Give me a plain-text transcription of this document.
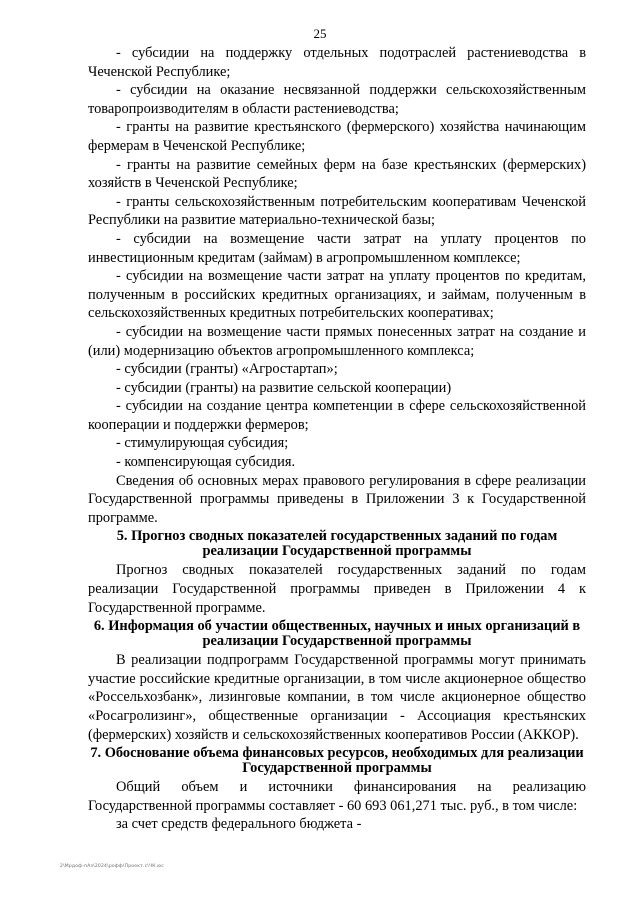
25

- субсидии на поддержку отдельных подотраслей растениеводства в Чеченской Республике;

- субсидии на оказание несвязанной поддержки сельскохозяйственным товаропроизводителям в области растениеводства;

- гранты на развитие крестьянского (фермерского) хозяйства начинающим фермерам в Чеченской Республике;

- гранты на развитие семейных ферм на базе крестьянских (фермерских) хозяйств в Чеченской Республике;

- гранты сельскохозяйственным потребительским кооперативам Чеченской Республики на развитие материально-технической базы;

- субсидии на возмещение части затрат на уплату процентов по инвестиционным кредитам (займам) в агропромышленном комплексе;

- субсидии на возмещение части затрат на уплату процентов по кредитам, полученным в российских кредитных организациях, и займам, полученным в сельскохозяйственных кредитных потребительских кооперативах;

- субсидии на возмещение части прямых понесенных затрат на создание и (или) модернизацию объектов агропромышленного комплекса;

- субсидии (гранты) «Агростартап»;

- субсидии (гранты) на развитие сельской кооперации)

- субсидии на создание центра компетенции в сфере сельскохозяйственной кооперации и поддержки фермеров;

- стимулирующая субсидия;

- компенсирующая субсидия.

Сведения об основных мерах правового регулирования в сфере реализации Государственной программы приведены в Приложении 3 к Государственной программе.

5. Прогноз сводных показателей государственных заданий по годам реализации Государственной программы

Прогноз сводных показателей государственных заданий по годам реализации Государственной программы приведен в Приложении 4 к Государственной программе.

6. Информация об участии общественных, научных и иных организаций в реализации Государственной программы

В реализации подпрограмм Государственной программы могут принимать участие российские кредитные организации, в том числе акционерное общество «Россельхозбанк», лизинговые компании, в том числе акционерное общество «Росагролизинг», общественные организации - Ассоциация крестьянских (фермерских) хозяйств и сельскохозяйственных кооперативов России (АККОР).

7. Обоснование объема финансовых ресурсов, необходимых для реализации Государственной программы

Общий объем и источники финансирования на реализацию Государственной программы составляет - 60 693 061,271 тыс. руб., в том числе:

за счет средств федерального бюджета -

2\Мрдоф-пАэ\2024\рофф\Проект.с\ЧК.юс
